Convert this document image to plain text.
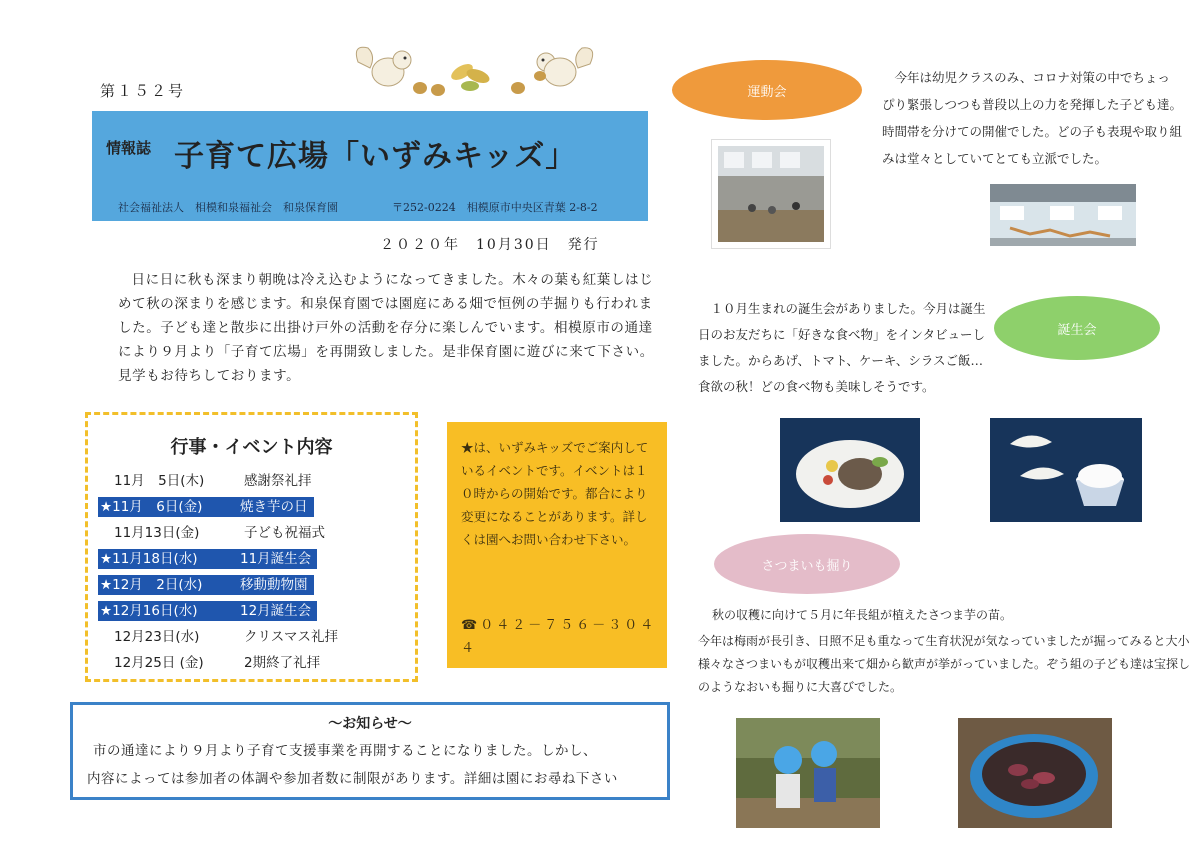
第１５２号
情報誌 子育て広場「いずみキッズ」
社会福祉法人　相模和泉福祉会　和泉保育園	〒252-0224　相模原市中央区青葉 2-8-2
２０２０年　10月30日　発行
日に日に秋も深まり朝晩は冷え込むようになってきました。木々の葉も紅葉しはじめて秋の深まりを感じます。和泉保育園では園庭にある畑で恒例の芋掘りも行われました。子ども達と散歩に出掛け戸外の活動を存分に楽しんでいます。相模原市の通達により９月より「子育て広場」を再開致しました。是非保育園に遊びに来て下さい。見学もお待ちしております。
行事・イベント内容
11月　5日(木)	感謝祭礼拝
★11月　6日(金)	焼き芋の日
11月13日(金)	子ども祝福式
★11月18日(水)	11月誕生会
★12月　2日(水)	移動動物園
★12月16日(水)	12月誕生会
12月23日(水)	クリスマス礼拝
12月25日 (金)	2期終了礼拝
★は、いずみキッズでご案内しているイベントです。イベントは１０時からの開始です。都合により変更になることがあります。詳しくは園へお問い合わせ下さい。
☎０４２－７５６－３０４４
～お知らせ～
市の通達により９月より子育て支援事業を再開することになりました。しかし、
内容によっては参加者の体調や参加者数に制限があります。詳細は園にお尋ね下さい
運動会
今年は幼児クラスのみ、コロナ対策の中でちょっぴり緊張しつつも普段以上の力を発揮した子ども達。時間帯を分けての開催でした。どの子も表現や取り組みは堂々としていてとても立派でした。
１０月生まれの誕生会がありました。今月は誕生日のお友だちに「好きな食べ物」をインタビューしました。からあげ、トマト、ケーキ、シラスご飯…食欲の秋！どの食べ物も美味しそうです。
誕生会
さつまいも掘り
秋の収穫に向けて５月に年長組が植えたさつま芋の苗。
今年は梅雨が長引き、日照不足も重なって生育状況が気なっていましたが掘ってみると大小様々なさつまいもが収穫出来て畑から歓声が挙がっていました。ぞう組の子ども達は宝探しのようなおいも掘りに大喜びでした。
